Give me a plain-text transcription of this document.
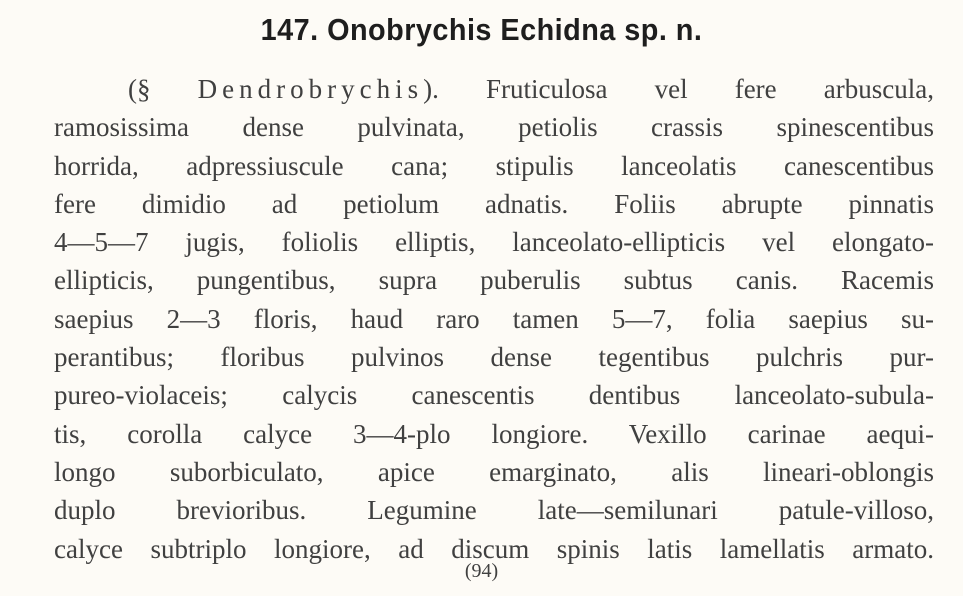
147. Onobrychis Echidna sp. n.
(§ Dendrobrychis). Fruticulosa vel fere arbuscula,
ramosissima dense pulvinata, petiolis crassis spinescentibus
horrida, adpressiuscule cana; stipulis lanceolatis canescentibus
fere dimidio ad petiolum adnatis. Foliis abrupte pinnatis
4—5—7 jugis, foliolis elliptis, lanceolato-ellipticis vel elongato-
ellipticis, pungentibus, supra puberulis subtus canis. Racemis
saepius 2—3 floris, haud raro tamen 5—7, folia saepius su-
perantibus; floribus pulvinos dense tegentibus pulchris pur-
pureo-violaceis; calycis canescentis dentibus lanceolato-subula-
tis, corolla calyce 3—4-plo longiore. Vexillo carinae aequi-
longo suborbiculato, apice emarginato, alis lineari-oblongis
duplo brevioribus. Legumine late—semilunari patule-villoso,
calyce subtriplo longiore, ad discum spinis latis lamellatis armato.
(94)
